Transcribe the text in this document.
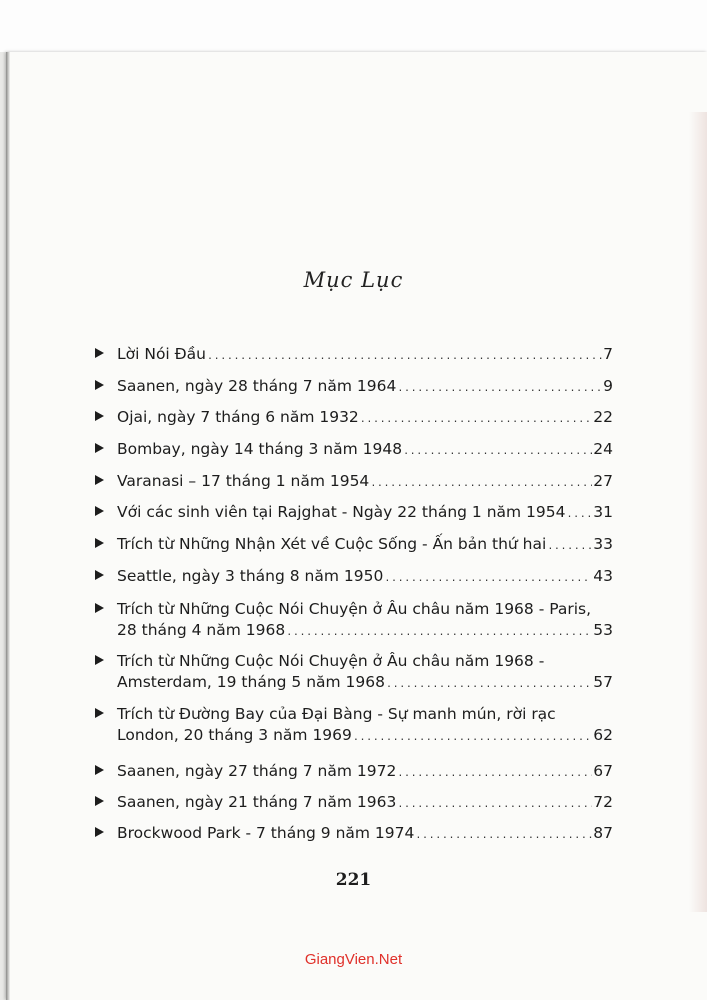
Mục Lục
Lời Nói Đầu .....	7
Saanen, ngày 28 tháng 7 năm 1964 .....	9
Ojai, ngày 7 tháng 6 năm 1932 .....	22
Bombay, ngày 14 tháng 3 năm 1948 .....	24
Varanasi – 17 tháng 1 năm 1954 .....	27
Với các sinh viên tại Rajghat - Ngày 22 tháng 1 năm 1954 ..... 31
Trích từ Những Nhận Xét về Cuộc Sống - Ấn bản thứ hai .....	33
Seattle, ngày 3 tháng 8 năm 1950 .....	43
Trích từ Những Cuộc Nói Chuyện ở Âu châu năm 1968 - Paris,
28 tháng 4 năm 1968 .....	53
Trích từ Những Cuộc Nói Chuyện ở Âu châu năm 1968 -
Amsterdam, 19 tháng 5 năm 1968 .....	57
Trích từ Đường Bay của Đại Bàng - Sự manh mún, rời rạc
London, 20 tháng 3 năm 1969 .....	62
Saanen, ngày 27 tháng 7 năm 1972 .....	67
Saanen, ngày 21 tháng 7 năm 1963 .....	72
Brockwood Park - 7 tháng 9 năm 1974 .....	87
221
GiangVien.Net
